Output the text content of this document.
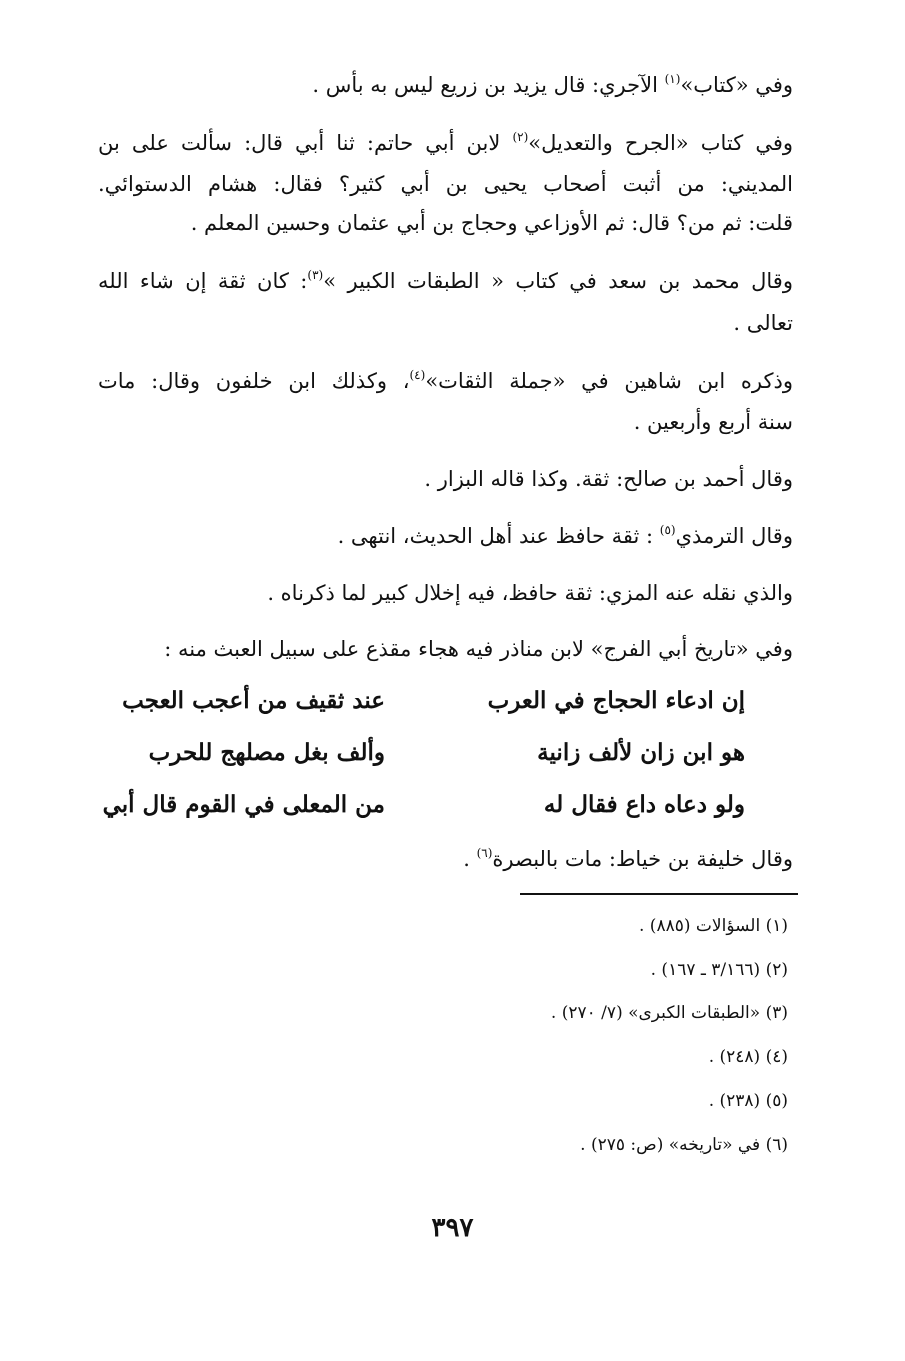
وفي «كتاب»$^{(١)}$ الآجري: قال يزيد بن زريع ليس به بأس .
وفي كتاب «الجرح والتعديل»$^{(٢)}$ لابن أبي حاتم: ثنا أبي قال: سألت على بن
المديني: من أثبت أصحاب يحيى بن أبي كثير؟ فقال: هشام الدستوائي.
قلت: ثم من؟ قال: ثم الأوزاعي وحجاج بن أبي عثمان وحسين المعلم .
وقال محمد بن سعد في كتاب « الطبقات الكبير »$^{(٣)}$: كان ثقة إن شاء الله
تعالى .
وذكره ابن شاهين في «جملة الثقات»$^{(٤)}$، وكذلك ابن خلفون وقال: مات
سنة أربع وأربعين .
وقال أحمد بن صالح: ثقة. وكذا قاله البزار .
وقال الترمذي$^{(٥)}$ : ثقة حافظ عند أهل الحديث، انتهى .
والذي نقله عنه المزي: ثقة حافظ، فيه إخلال كبير لما ذكرناه .
وفي «تاريخ أبي الفرج» لابن مناذر فيه هجاء مقذع على سبيل العبث منه :
إن ادعاء الحجاج في العرب
عند ثقيف من أعجب العجب
هو ابن زان لألف زانية
وألف بغل مصلهج للحرب
ولو دعاه داع فقال له
من المعلى في القوم قال أبي
وقال خليفة بن خياط: مات بالبصرة$^{(٦)}$ .
(١) السؤالات (٨٨٥) .
(٢) (٣/١٦٦ ـ ١٦٧) .
(٣) «الطبقات الكبرى» (٧/ ٢٧٠) .
(٤) (٢٤٨) .
(٥) (٢٣٨) .
(٦) في «تاريخه» (ص: ٢٧٥) .
٣٩٧
